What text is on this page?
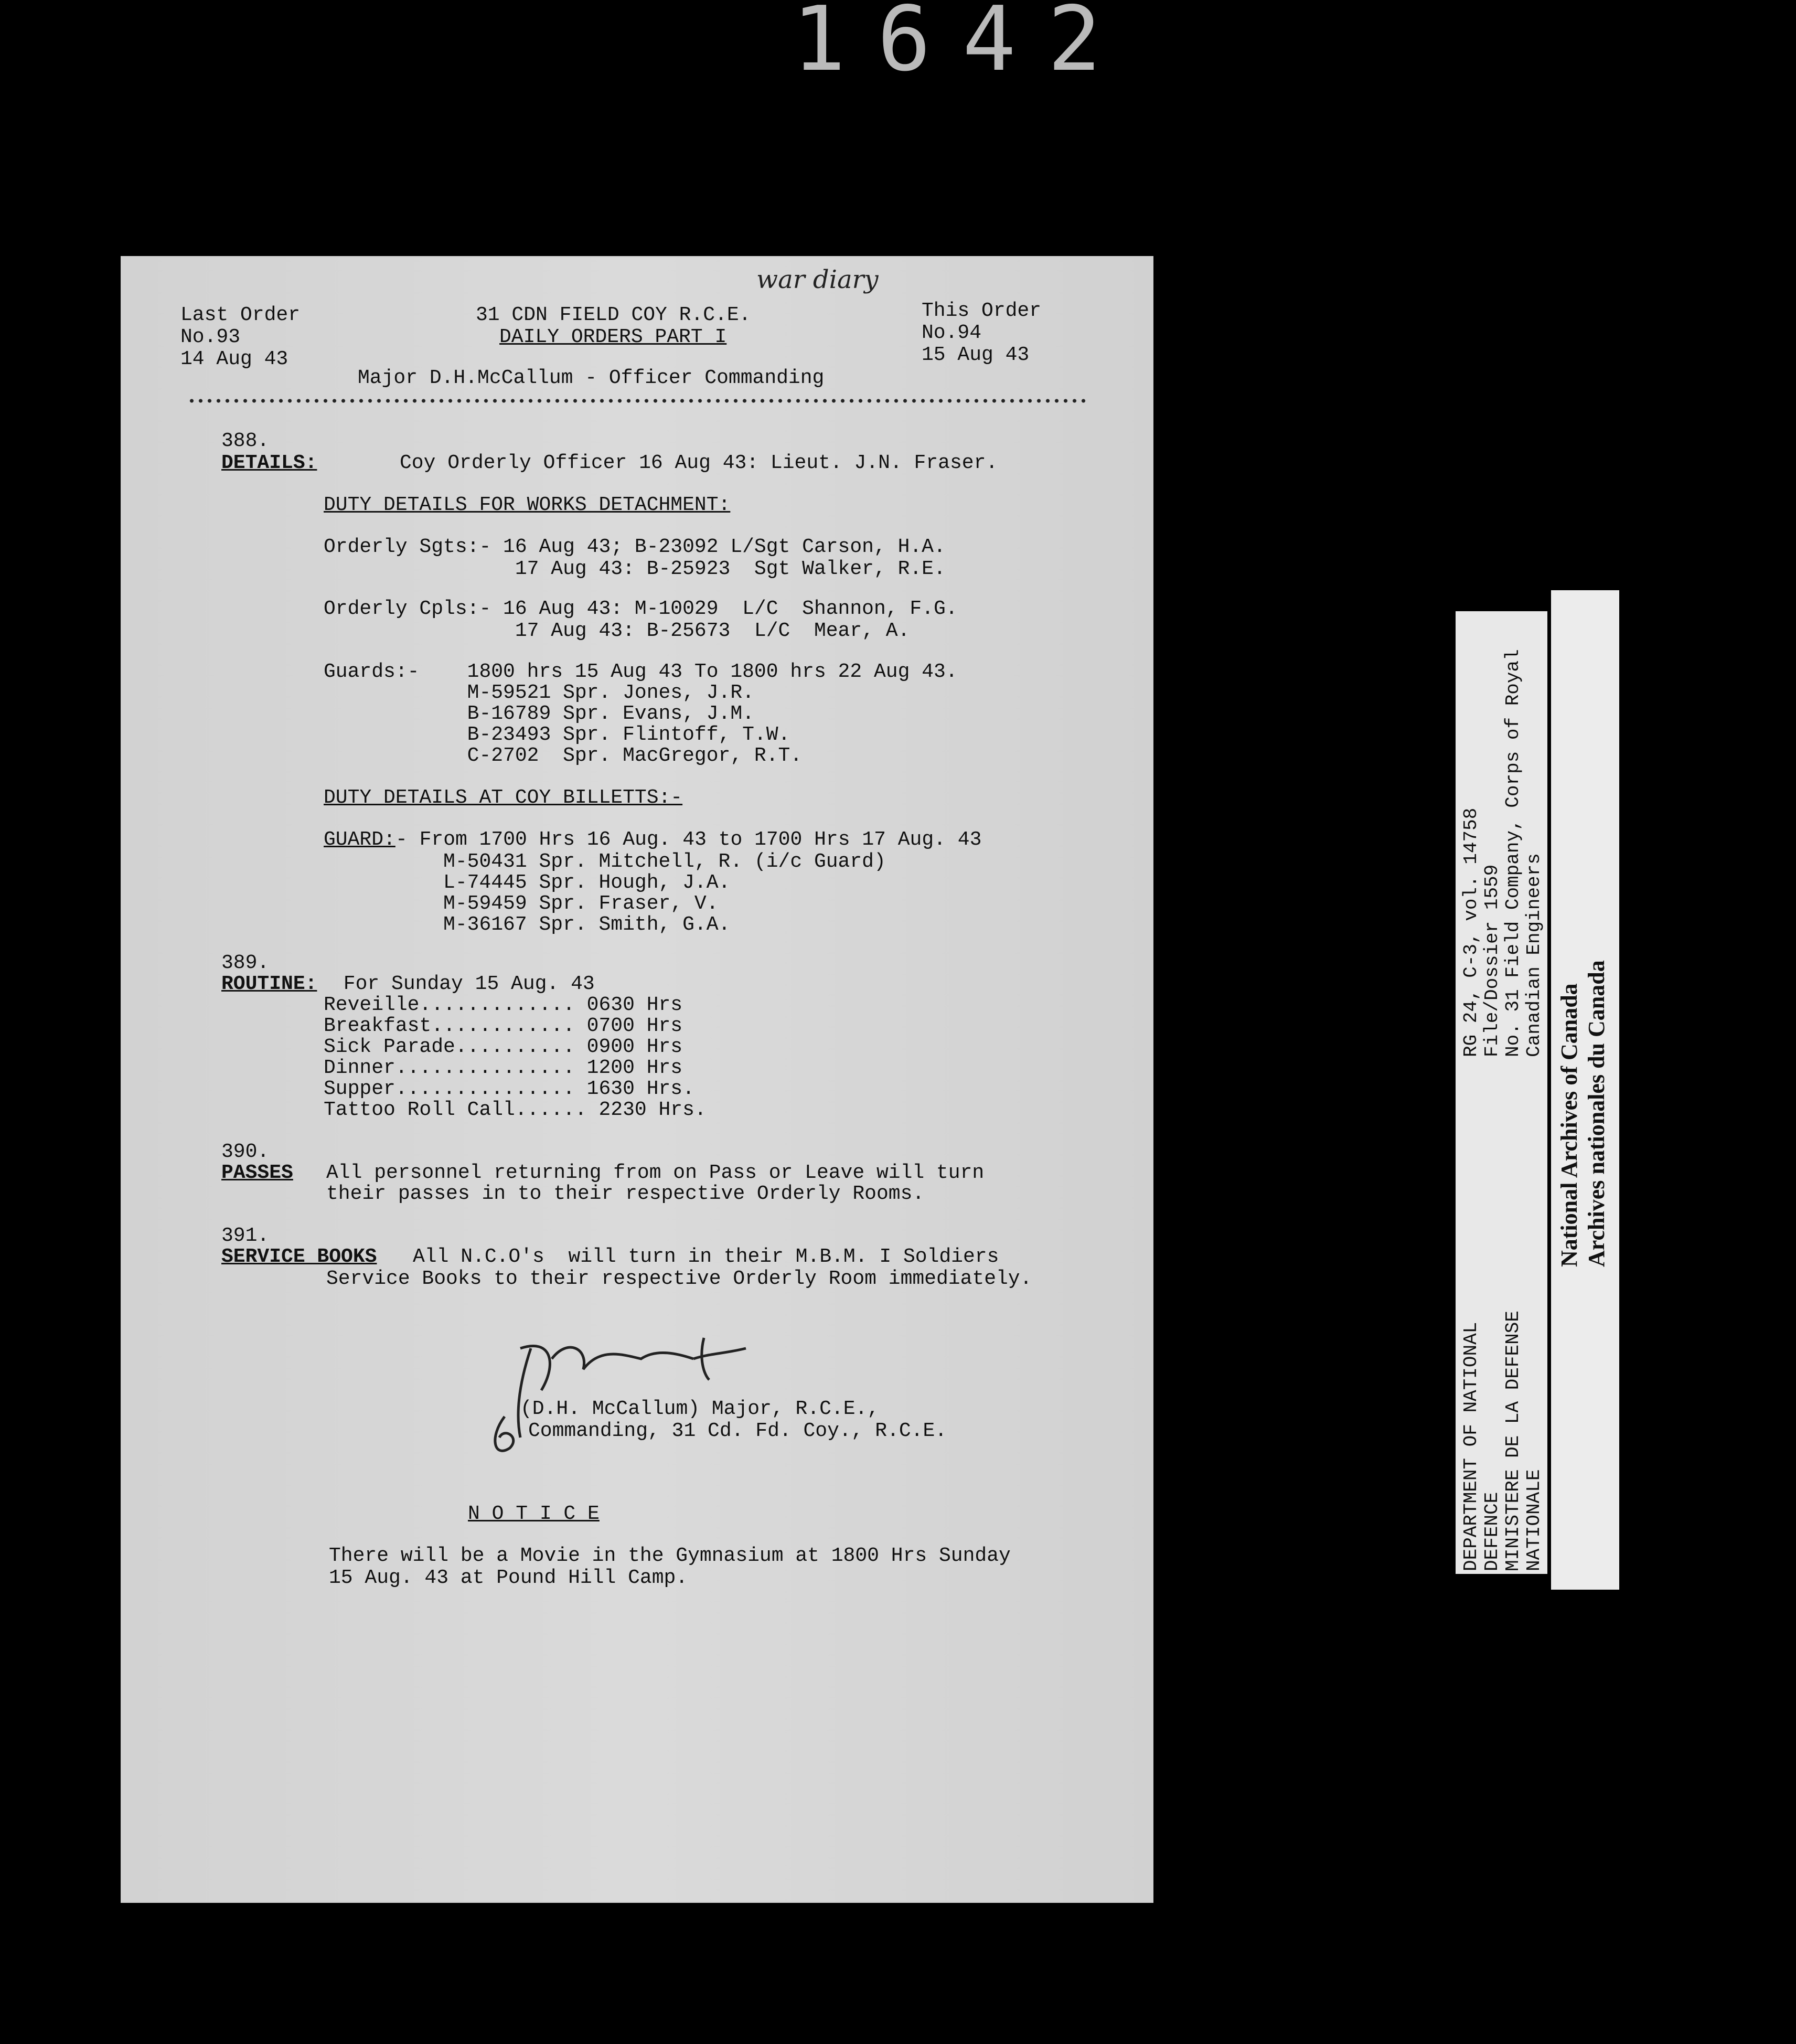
1 6 4 2
war diary
Last Order
No.93
14 Aug 43
31 CDN FIELD COY R.C.E.
DAILY ORDERS PART I
This Order
No.94
15 Aug 43
Major D.H.McCallum - Officer Commanding
388.
DETAILS:	Coy Orderly Officer 16 Aug 43: Lieut. J.N. Fraser.
DUTY DETAILS FOR WORKS DETACHMENT:
Orderly Sgts:- 16 Aug 43; B-23092 L/Sgt Carson, H.A.
17 Aug 43: B-25923  Sgt Walker, R.E.
Orderly Cpls:- 16 Aug 43: M-10029  L/C  Shannon, F.G.
17 Aug 43: B-25673  L/C  Mear, A.
Guards:-    1800 hrs 15 Aug 43 To 1800 hrs 22 Aug 43.
M-59521 Spr. Jones, J.R.
B-16789 Spr. Evans, J.M.
B-23493 Spr. Flintoff, T.W.
C-2702  Spr. MacGregor, R.T.
DUTY DETAILS AT COY BILLETTS:-
GUARD: - From 1700 Hrs 16 Aug. 43 to 1700 Hrs 17 Aug. 43
M-50431 Spr. Mitchell, R. (i/c Guard)
L-74445 Spr. Hough, J.A.
M-59459 Spr. Fraser, V.
M-36167 Spr. Smith, G.A.
389.
ROUTINE: For Sunday 15 Aug. 43
Reveille............. 0630 Hrs
Breakfast............ 0700 Hrs
Sick Parade.......... 0900 Hrs
Dinner............... 1200 Hrs
Supper............... 1630 Hrs.
Tattoo Roll Call...... 2230 Hrs.
390.
PASSES All personnel returning from on Pass or Leave will turn
their passes in to their respective Orderly Rooms.
391.
SERVICE BOOKS All N.C.O's  will turn in their M.B.M. I Soldiers
Service Books to their respective Orderly Room immediately.
(D.H. McCallum) Major, R.C.E.,
Commanding, 31 Cd. Fd. Coy., R.C.E.
N O T I C E
There will be a Movie in the Gymnasium at 1800 Hrs Sunday
15 Aug. 43 at Pound Hill Camp.
RG 24, C-3, vol. 14758 File/Dossier 1559 No. 31 Field Company, Corps of Royal Canadian Engineers
DEPARTMENT OF NATIONAL DEFENCE MINISTERE DE LA DEFENSE NATIONALE
National Archives of Canada Archives nationales du Canada
